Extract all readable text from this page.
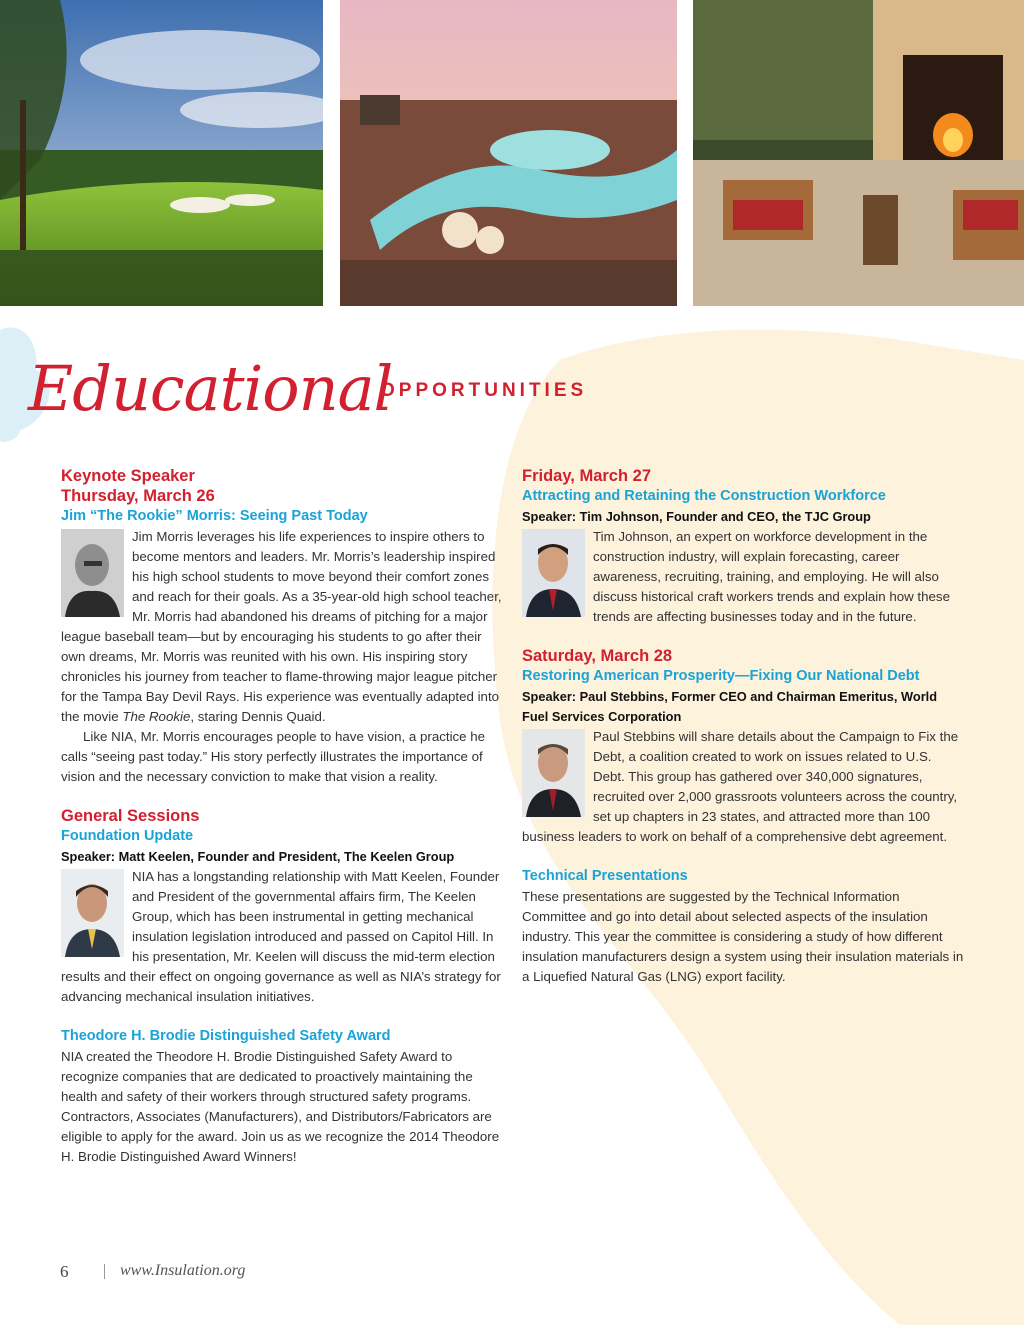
Educational
OPPORTUNITIES
Keynote Speaker
Thursday, March 26
Jim “The Rookie” Morris: Seeing Past Today

Jim Morris leverages his life experiences to inspire others to become mentors and leaders. Mr. Morris’s leadership inspired his high school students to move beyond their comfort zones and reach for their goals. As a 35-year-old high school teacher, Mr. Morris had abandoned his dreams of pitching for a major league baseball team—but by encouraging his students to go after their own dreams, Mr. Morris was reunited with his own. His inspiring story chronicles his journey from teacher to flame-throwing major league pitcher for the Tampa Bay Devil Rays. His experience was eventually adapted into the movie The Rookie, staring Dennis Quaid.

Like NIA, Mr. Morris encourages people to have vision, a practice he calls “seeing past today.” His story perfectly illustrates the importance of vision and the necessary conviction to make that vision a reality.

General Sessions
Foundation Update
Speaker: Matt Keelen, Founder and President, The Keelen Group

NIA has a longstanding relationship with Matt Keelen, Founder and President of the governmental affairs firm, The Keelen Group, which has been instrumental in getting mechanical insulation legislation introduced and passed on Capitol Hill. In his presentation, Mr. Keelen will discuss the mid-term election results and their effect on ongoing governance as well as NIA’s strategy for advancing mechanical insulation initiatives.

Theodore H. Brodie Distinguished Safety Award

NIA created the Theodore H. Brodie Distinguished Safety Award to recognize companies that are dedicated to proactively maintaining the health and safety of their workers through structured safety programs. Contractors, Associates (Manufacturers), and Distributors/Fabricators are eligible to apply for the award. Join us as we recognize the 2014 Theodore H. Brodie Distinguished Award Winners!

Friday, March 27
Attracting and Retaining the Construction Workforce
Speaker: Tim Johnson, Founder and CEO, the TJC Group

Tim Johnson, an expert on workforce development in the construction industry, will explain forecasting, career awareness, recruiting, training, and employing. He will also discuss historical craft workers trends and explain how these trends are affecting businesses today and in the future.

Saturday, March 28
Restoring American Prosperity—Fixing Our National Debt
Speaker: Paul Stebbins, Former CEO and Chairman Emeritus, World Fuel Services Corporation

Paul Stebbins will share details about the Campaign to Fix the Debt, a coalition created to work on issues related to U.S. Debt. This group has gathered over 340,000 signatures, recruited over 2,000 grassroots volunteers across the country, set up chapters in 23 states, and attracted more than 100 business leaders to work on behalf of a comprehensive debt agreement.

Technical Presentations

These presentations are suggested by the Technical Information Committee and go into detail about selected aspects of the insulation industry. This year the committee is considering a study of how different insulation manufacturers design a system using their insulation materials in a Liquefied Natural Gas (LNG) export facility.

6	www.Insulation.org
